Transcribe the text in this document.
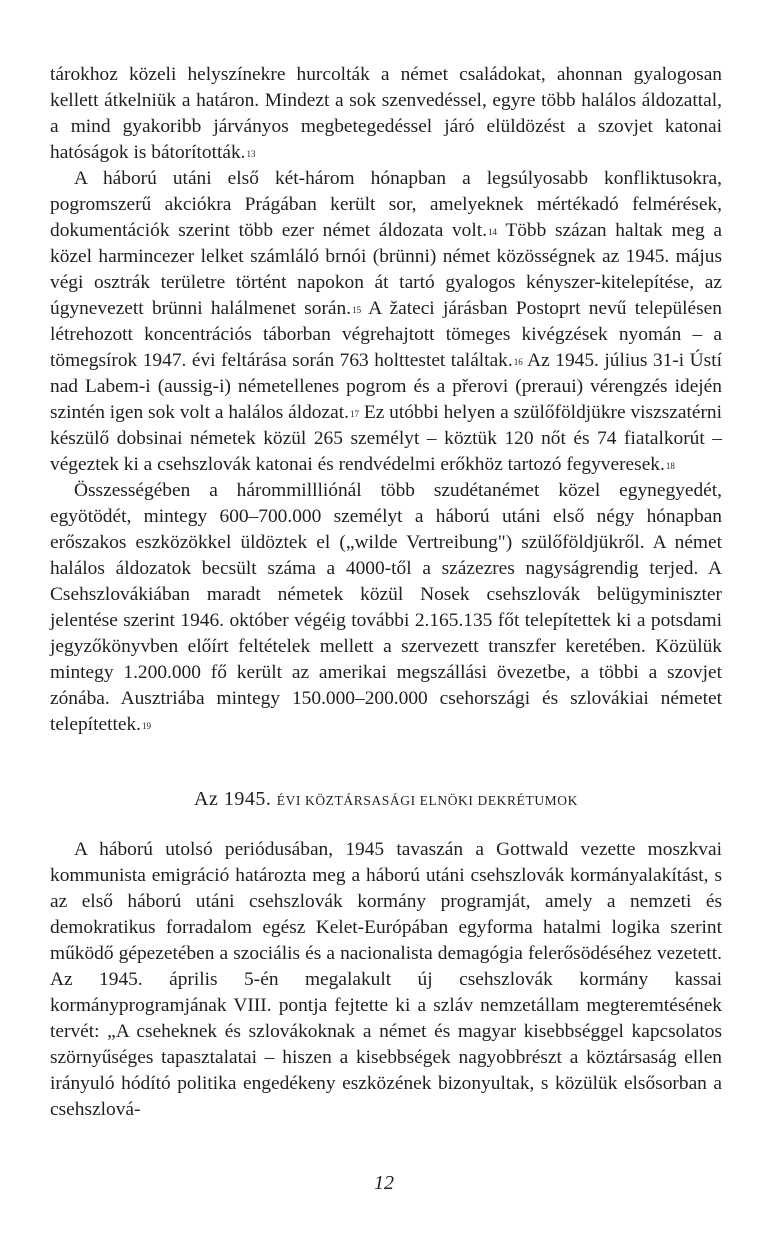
tárokhoz közeli helyszínekre hurcolták a német családokat, ahonnan gyalogosan kellett átkelniük a határon. Mindezt a sok szenvedéssel, egyre több halálos áldozattal, a mind gyakoribb járványos megbetegedéssel járó elüldözést a szovjet katonai hatóságok is bátorították.$^{13}$

A háború utáni első két-három hónapban a legsúlyosabb konfliktusokra, pogromszerű akciókra Prágában került sor, amelyeknek mértékadó felmérések, dokumentációk szerint több ezer német áldozata volt.$^{14}$ Több százan haltak meg a közel harmincezer lelket számláló brnói (brünni) német közösségnek az 1945. május végi osztrák területre történt napokon át tartó gyalogos kényszer-kitelepítése, az úgynevezett brünni halálmenet során.$^{15}$ A žateci járásban Postoprt nevű településen létrehozott koncentrációs táborban végrehajtott tömeges kivégzések nyomán – a tömegsírok 1947. évi feltárása során 763 holttestet találtak.$^{16}$ Az 1945. július 31-i Ústí nad Labem-i (aussig-i) németellenes pogrom és a přerovi (preraui) vérengzés idején szintén igen sok volt a halálos áldozat.$^{17}$ Ez utóbbi helyen a szülőföldjükre viszszatérni készülő dobsinai németek közül 265 személyt – köztük 120 nőt és 74 fiatalkorút – végeztek ki a csehszlovák katonai és rendvédelmi erőkhöz tartozó fegyveresek.$^{18}$

Összességében a hárommillliónál több szudétanémet közel egynegyedét, egyötödét, mintegy 600–700.000 személyt a háború utáni első négy hónapban erőszakos eszközökkel üldöztek el („wilde Vertreibung") szülőföldjükről. A német halálos áldozatok becsült száma a 4000-től a százezres nagyságrendig terjed. A Csehszlovákiában maradt németek közül Nosek csehszlovák belügyminiszter jelentése szerint 1946. október végéig további 2.165.135 főt telepítettek ki a potsdami jegyzőkönyvben előírt feltételek mellett a szervezett transzfer keretében. Közülük mintegy 1.200.000 fő került az amerikai megszállási övezetbe, a többi a szovjet zónába. Ausztriába mintegy 150.000–200.000 csehországi és szlovákiai németet telepítettek.$^{19}$

Az 1945. ÉVI KÖZTÁRSASÁGI ELNÖKI DEKRÉTUMOK

A háború utolsó periódusában, 1945 tavaszán a Gottwald vezette moszkvai kommunista emigráció határozta meg a háború utáni csehszlovák kormányalakítást, s az első háború utáni csehszlovák kormány programját, amely a nemzeti és demokratikus forradalom egész Kelet-Európában egyforma hatalmi logika szerint működő gépezetében a szociális és a nacionalista demagógia felerősödéséhez vezetett. Az 1945. április 5-én megalakult új csehszlovák kormány kassai kormányprogramjának VIII. pontja fejtette ki a szláv nemzetállam megteremtésének tervét: „A cseheknek és szlovákoknak a német és magyar kisebbséggel kapcsolatos szörnyűséges tapasztalatai – hiszen a kisebbségek nagyobbrészt a köztársaság ellen irányuló hódító politika engedékeny eszközének bizonyultak, s közülük elsősorban a csehszlová-

12
